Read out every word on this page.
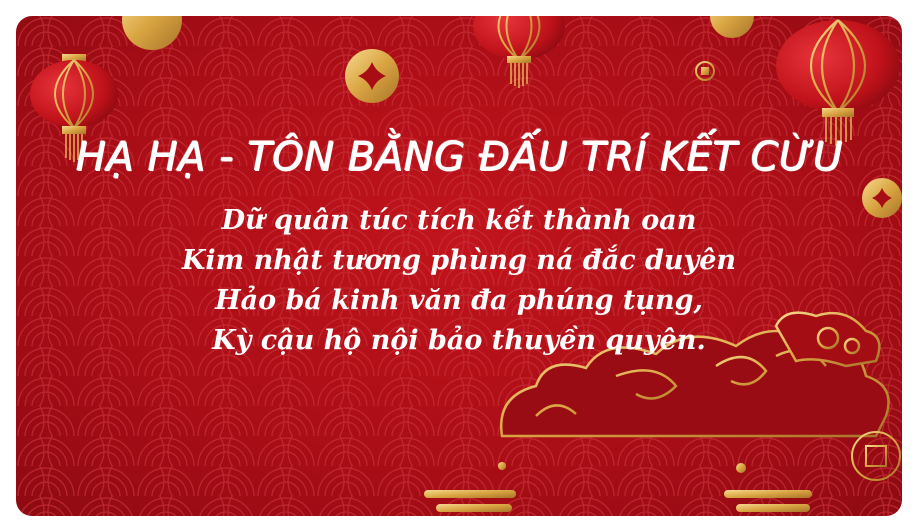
HẠ HẠ - TÔN BẰNG ĐẤU TRÍ KẾT CỪU
Dữ quân túc tích kết thành oan
Kim nhật tương phùng ná đắc duyên
Hảo bá kinh văn đa phúng tụng,
Kỳ cậu hộ nội bảo thuyền quyên.
